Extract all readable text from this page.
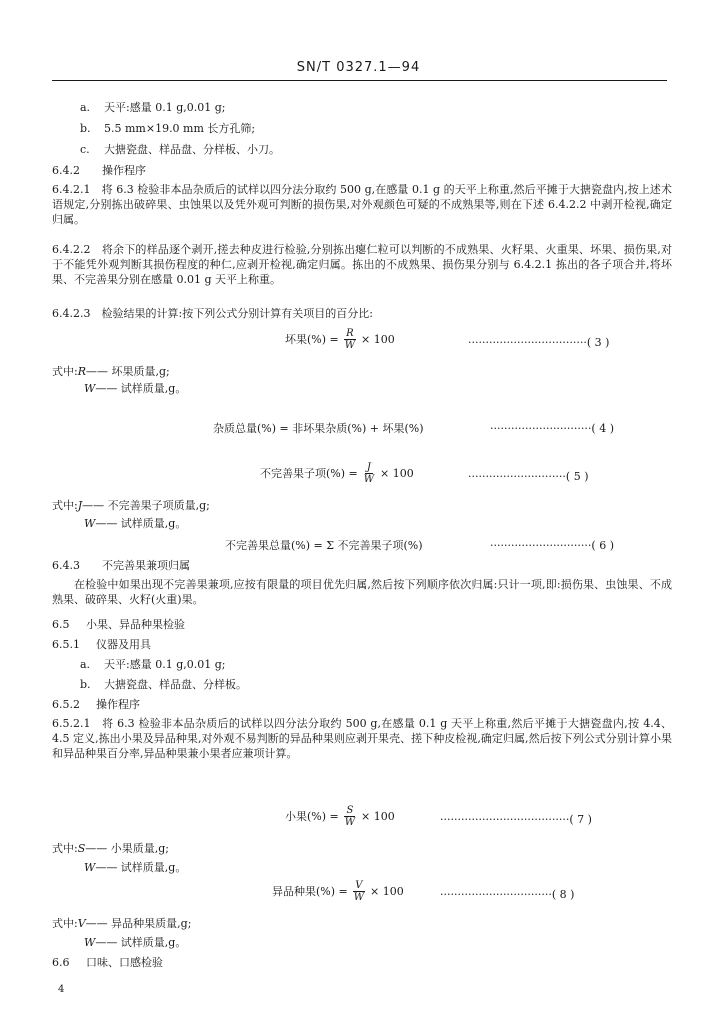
SN/T 0327.1—94
a. 天平:感量 0.1 g,0.01 g;
b. 5.5 mm×19.0 mm 长方孔筛;
c. 大搪瓷盘、样品盘、分样板、小刀。
6.4.2 操作程序
6.4.2.1　将 6.3 检验非本品杂质后的试样以四分法分取约 500 g,在感量 0.1 g 的天平上称重,然后平摊于大搪瓷盘内,按上述术语规定,分别拣出破碎果、虫蚀果以及凭外观可判断的损伤果,对外观颜色可疑的不成熟果等,则在下述 6.4.2.2 中剥开检视,确定归属。
6.4.2.2　将余下的样品逐个剥开,搓去种皮进行检验,分别拣出瘪仁粒可以判断的不成熟果、火籽果、火重果、坏果、损伤果,对于不能凭外观判断其损伤程度的种仁,应剥开检视,确定归属。拣出的不成熟果、损伤果分别与 6.4.2.1 拣出的各子项合并,将坏果、不完善果分别在感量 0.01 g 天平上称重。
6.4.2.3　检验结果的计算:按下列公式分别计算有关项目的百分比:
坏果(%) = $\frac{R}{W} \times 100$	··································( 3 )
式中:R—— 坏果质量,g;
W—— 试样质量,g。
杂质总量(%) = 非坏果杂质(%) + 坏果(%)	·····························( 4 )
不完善果子项(%) = $\frac{J}{W} \times 100$	····························( 5 )
式中:J—— 不完善果子项质量,g;
W—— 试样质量,g。
不完善果总量(%) = Σ 不完善果子项(%)	·····························( 6 )
6.4.3 不完善果兼项归属
在检验中如果出现不完善果兼项,应按有限量的项目优先归属,然后按下列顺序依次归属:只计一项,即:损伤果、虫蚀果、不成熟果、破碎果、火籽(火重)果。
6.5 小果、异品种果检验
6.5.1 仪器及用具
a. 天平:感量 0.1 g,0.01 g;
b. 大搪瓷盘、样品盘、分样板。
6.5.2 操作程序
6.5.2.1　将 6.3 检验非本品杂质后的试样以四分法分取约 500 g,在感量 0.1 g 天平上称重,然后平摊于大搪瓷盘内,按 4.4、4.5 定义,拣出小果及异品种果,对外观不易判断的异品种果则应剥开果壳、搓下种皮检视,确定归属,然后按下列公式分别计算小果和异品种果百分率,异品种果兼小果者应兼项计算。
小果(%) = $\frac{S}{W} \times 100$	·····································( 7 )
式中:S—— 小果质量,g;
W—— 试样质量,g。
异品种果(%) = $\frac{V}{W} \times 100$	································( 8 )
式中:V—— 异品种果质量,g;
W—— 试样质量,g。
6.6 口味、口感检验
4
